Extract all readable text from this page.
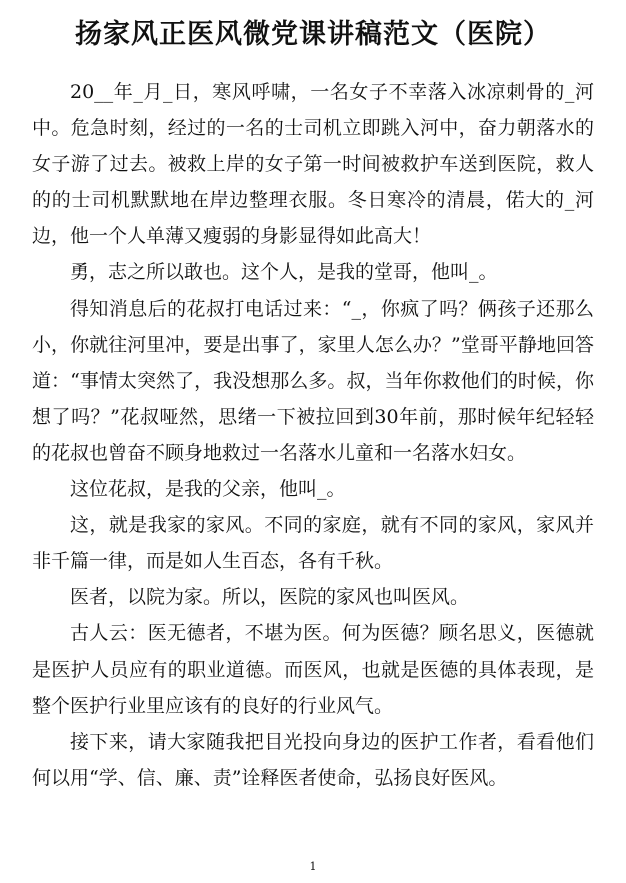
扬家风正医风微党课讲稿范文（医院）

20__年_月_日，寒风呼啸，一名女子不幸落入冰凉刺骨的_河中。危急时刻，经过的一名的士司机立即跳入河中，奋力朝落水的女子游了过去。被救上岸的女子第一时间被救护车送到医院，救人的的士司机默默地在岸边整理衣服。冬日寒冷的清晨，偌大的_河边，他一个人单薄又瘦弱的身影显得如此高大！

勇，志之所以敢也。这个人，是我的堂哥，他叫_。

得知消息后的花叔打电话过来：“_，你疯了吗？俩孩子还那么小，你就往河里冲，要是出事了，家里人怎么办？”堂哥平静地回答道：“事情太突然了，我没想那么多。叔，当年你救他们的时候，你想了吗？”花叔哑然，思绪一下被拉回到30年前，那时候年纪轻轻的花叔也曾奋不顾身地救过一名落水儿童和一名落水妇女。

这位花叔，是我的父亲，他叫_。

这，就是我家的家风。不同的家庭，就有不同的家风，家风并非千篇一律，而是如人生百态，各有千秋。

医者，以院为家。所以，医院的家风也叫医风。

古人云：医无德者，不堪为医。何为医德？顾名思义，医德就是医护人员应有的职业道德。而医风，也就是医德的具体表现，是整个医护行业里应该有的良好的行业风气。

接下来，请大家随我把目光投向身边的医护工作者，看看他们何以用“学、信、廉、责”诠释医者使命，弘扬良好医风。

1
